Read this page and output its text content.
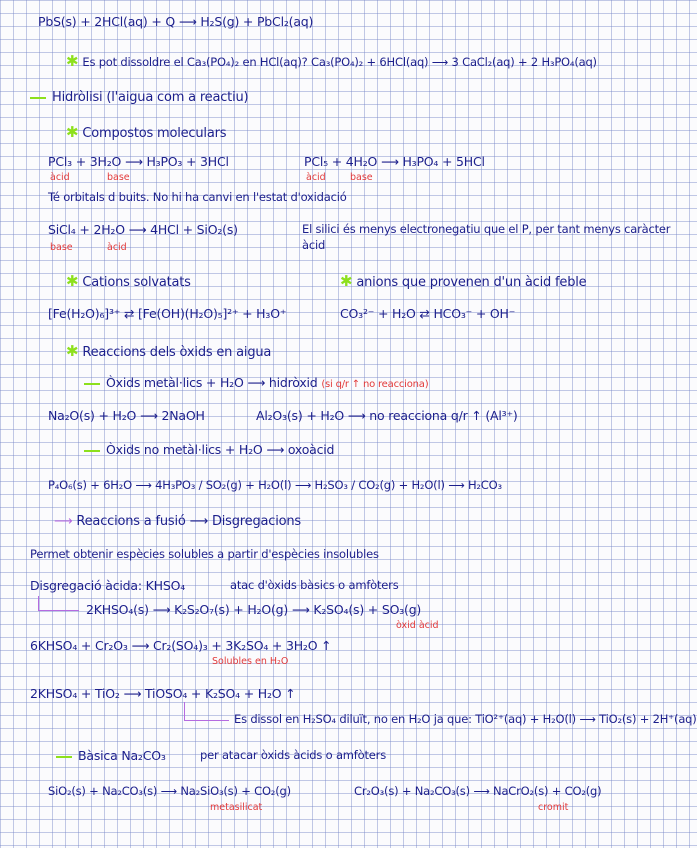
PbS(s) + 2HCl(aq) + Q ⟶ H₂S(g) + PbCl₂(aq)
✱ Es pot dissoldre el Ca₃(PO₄)₂ en HCl(aq)? Ca₃(PO₄)₂ + 6HCl(aq) ⟶ 3 CaCl₂(aq) + 2 H₃PO₄(aq)
Hidròlisi (l'aigua com a reactiu)
✱ Compostos moleculars
PCl₃ + 3H₂O ⟶ H₃PO₃ + 3HCl	PCl₅ + 4H₂O ⟶ H₃PO₄ + 5HCl
àcid	base	àcid	base
Té orbitals d buits. No hi ha canvi en l'estat d'oxidació
SiCl₄ + 2H₂O ⟶ 4HCl + SiO₂(s)	El silici és menys electronegatiu que el P, per tant menys caràcter
àcid
base	àcid
✱ Cations solvatats	✱ anions que provenen d'un àcid feble
[Fe(H₂O)₆]³⁺ ⇄ [Fe(OH)(H₂O)₅]²⁺ + H₃O⁺	CO₃²⁻ + H₂O ⇄ HCO₃⁻ + OH⁻
✱ Reaccions dels òxids en aigua
Òxids metàl·lics + H₂O ⟶ hidròxid (si q/r ↑ no reacciona)
Na₂O(s) + H₂O ⟶ 2NaOH	Al₂O₃(s) + H₂O ⟶ no reacciona q/r ↑ (Al³⁺)
Òxids no metàl·lics + H₂O ⟶ oxoàcid
P₄O₆(s) + 6H₂O ⟶ 4H₃PO₃ / SO₂(g) + H₂O(l) ⟶ H₂SO₃ / CO₂(g) + H₂O(l) ⟶ H₂CO₃
⟶ Reaccions a fusió ⟶ Disgregacions
Permet obtenir espècies solubles a partir d'espècies insolubles
Disgregació àcida: KHSO₄	atac d'òxids bàsics o amfòters
2KHSO₄(s) ⟶ K₂S₂O₇(s) + H₂O(g) ⟶ K₂SO₄(s) + SO₃(g)
òxid àcid
6KHSO₄ + Cr₂O₃ ⟶ Cr₂(SO₄)₃ + 3K₂SO₄ + 3H₂O ↑
Solubles en H₂O
2KHSO₄ + TiO₂ ⟶ TiOSO₄ + K₂SO₄ + H₂O ↑
Es dissol en H₂SO₄ diluït, no en H₂O ja que: TiO²⁺(aq) + H₂O(l) ⟶ TiO₂(s) + 2H⁺(aq)
Bàsica Na₂CO₃	per atacar òxids àcids o amfòters
SiO₂(s) + Na₂CO₃(s) ⟶ Na₂SiO₃(s) + CO₂(g)	Cr₂O₃(s) + Na₂CO₃(s) ⟶ NaCrO₂(s) + CO₂(g)
metasilicat	cromit
